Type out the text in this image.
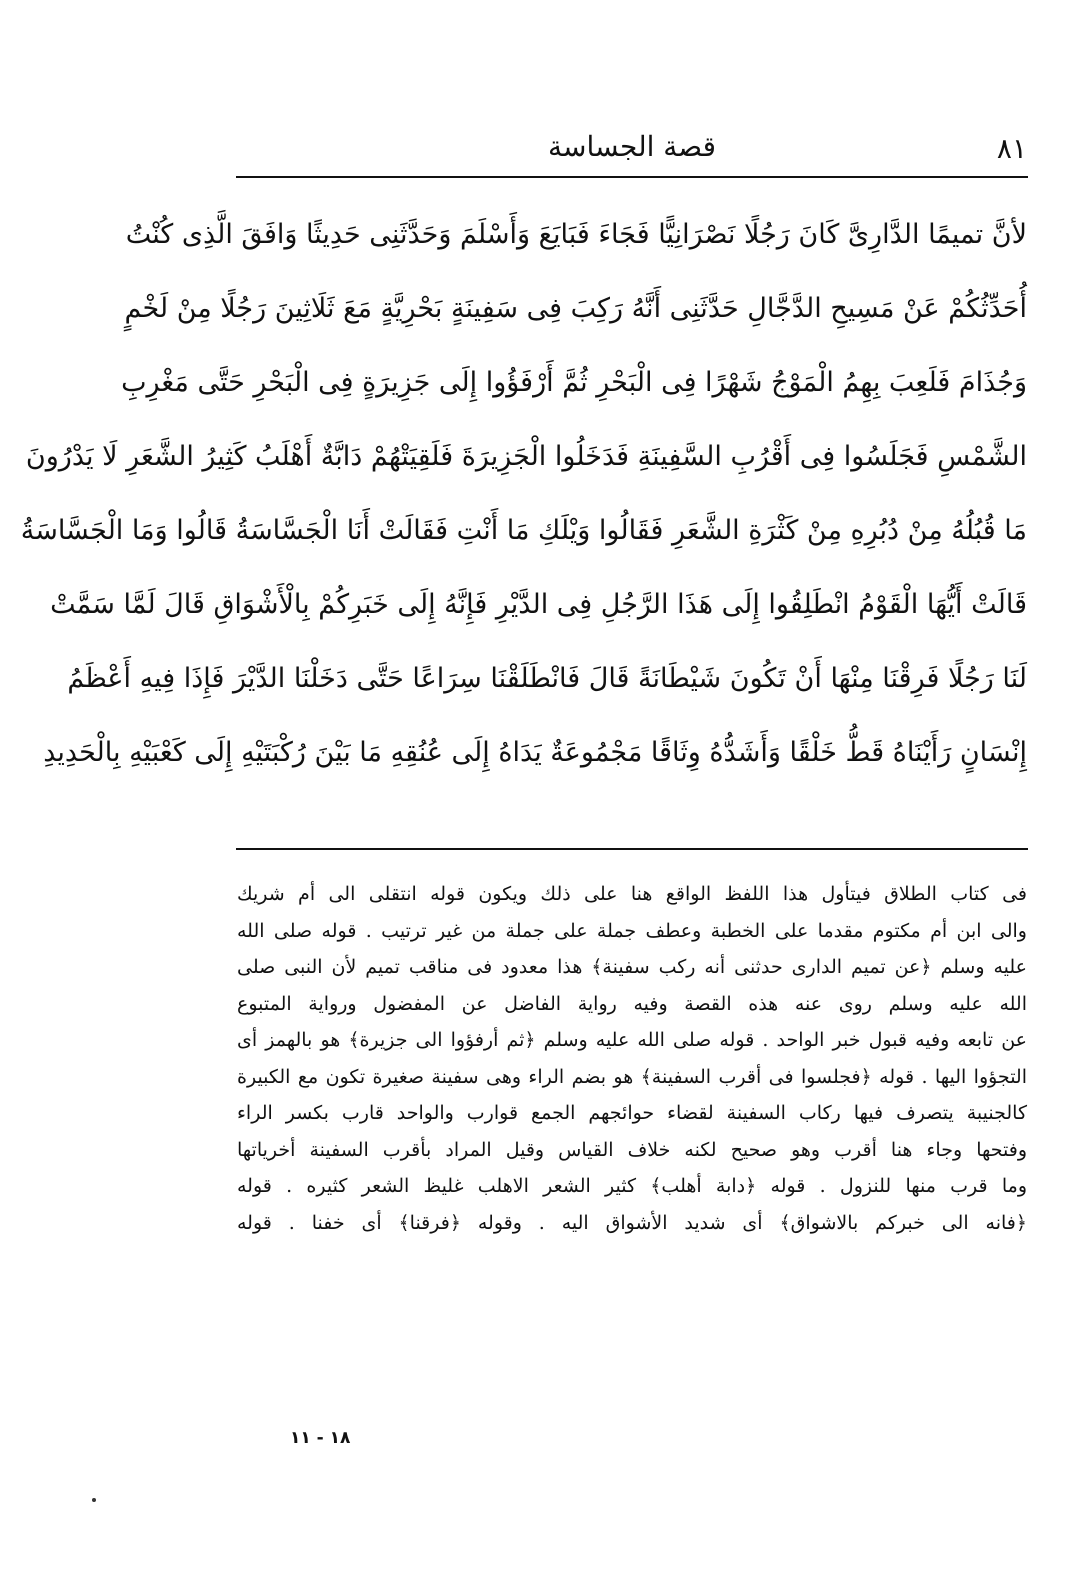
٨١
قصة الجساسة
لأنَّ تميمًا الدَّارِىَّ كَانَ رَجُلًا نَصْرَانِيًّا فَجَاءَ فَبَايَعَ وَأَسْلَمَ وَحَدَّثَنِى حَدِيثًا وَافَقَ الَّذِى كُنْتُ
أُحَدِّثُكُمْ عَنْ مَسِيحِ الدَّجَّالِ حَدَّثَنِى أَنَّهُ رَكِبَ فِى سَفِينَةٍ بَحْرِيَّةٍ مَعَ ثَلَاثِينَ رَجُلًا مِنْ لَخْمٍ
وَجُذَامَ فَلَعِبَ بِهِمُ الْمَوْجُ شَهْرًا فِى الْبَحْرِ ثُمَّ أَرْفَؤُوا إِلَى جَزِيرَةٍ فِى الْبَحْرِ حَتَّى مَغْرِبِ
الشَّمْسِ فَجَلَسُوا فِى أَقْرُبِ السَّفِينَةِ فَدَخَلُوا الْجَزِيرَةَ فَلَقِيَتْهُمْ دَابَّةٌ أَهْلَبُ كَثِيرُ الشَّعَرِ لَا يَدْرُونَ
مَا قُبُلُهُ مِنْ دُبُرِهِ مِنْ كَثْرَةِ الشَّعَرِ فَقَالُوا وَيْلَكِ مَا أَنْتِ فَقَالَتْ أَنَا الْجَسَّاسَةُ قَالُوا وَمَا الْجَسَّاسَةُ
قَالَتْ أَيُّهَا الْقَوْمُ انْطَلِقُوا إِلَى هَذَا الرَّجُلِ فِى الدَّيْرِ فَإِنَّهُ إِلَى خَبَرِكُمْ بِالْأَشْوَاقِ قَالَ لَمَّا سَمَّتْ
لَنَا رَجُلًا فَرِقْنَا مِنْهَا أَنْ تَكُونَ شَيْطَانَةً قَالَ فَانْطَلَقْنَا سِرَاعًا حَتَّى دَخَلْنَا الدَّيْرَ فَإِذَا فِيهِ أَعْظَمُ
إِنْسَانٍ رَأَيْنَاهُ قَطُّ خَلْقًا وَأَشَدُّهُ وِثَاقًا مَجْمُوعَةٌ يَدَاهُ إِلَى عُنُقِهِ مَا بَيْنَ رُكْبَتَيْهِ إِلَى كَعْبَيْهِ بِالْحَدِيدِ
فى كتاب الطلاق فيتأول هذا اللفظ الواقع هنا على ذلك ويكون قوله انتقلى الى أم شريك
والى ابن أم مكتوم مقدما على الخطبة وعطف جملة على جملة من غير ترتيب . قوله صلى الله
عليه وسلم ﴿عن تميم الدارى حدثنى أنه ركب سفينة﴾ هذا معدود فى مناقب تميم لأن النبى صلى
الله عليه وسلم روى عنه هذه القصة وفيه رواية الفاضل عن المفضول ورواية المتبوع
عن تابعه وفيه قبول خبر الواحد . قوله صلى الله عليه وسلم ﴿ثم أرفؤوا الى جزيرة﴾ هو بالهمز أى
التجؤوا اليها . قوله ﴿فجلسوا فى أقرب السفينة﴾ هو بضم الراء وهى سفينة صغيرة تكون مع الكبيرة
كالجنيبة يتصرف فيها ركاب السفينة لقضاء حوائجهم الجمع قوارب والواحد قارب بكسر الراء
وفتحها وجاء هنا أقرب وهو صحيح لكنه خلاف القياس وقيل المراد بأقرب السفينة أخرياتها
وما قرب منها للنزول . قوله ﴿دابة أهلب﴾ كثير الشعر الاهلب غليظ الشعر كثيره . قوله
﴿فانه الى خبركم بالاشواق﴾ أى شديد الأشواق اليه . وقوله ﴿فرقنا﴾ أى خفنا . قوله
١٨ - ١١
